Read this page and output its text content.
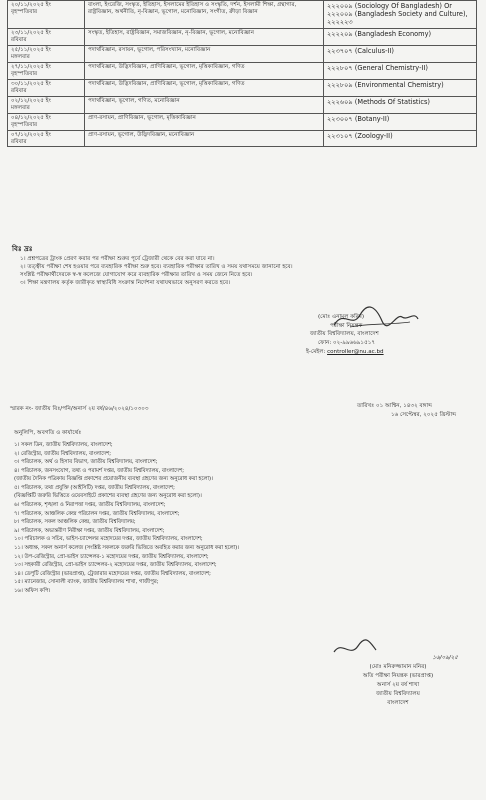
২০/১১/২০২৫ ইং
বৃহস্পতিবার	বাংলা, ইংরেজি, সংস্কৃত, ইতিহাস, ইসলামের ইতিহাস ও সংস্কৃতি, দর্শন, ইসলামী শিক্ষা, গ্রন্থাগার, রাষ্ট্রবিজ্ঞান, অর্থনীতি, নৃ-বিজ্ঞান, ভূগোল, মনোবিজ্ঞান, সংগীত, ক্রীড়া বিজ্ঞান	২২২০০৯ (Sociology Of Bangladesh) Or ২২২০০৯ (Bangladesh Society and Culture), ২২২২২৩

২৩/১১/২০২৫ ইং
রবিবার	সংস্কৃত, ইতিহাস, রাষ্ট্রবিজ্ঞান, সমাজবিজ্ঞান, নৃ-বিজ্ঞান, ভূগোল, মনোবিজ্ঞান	২২২২০৯ (Bangladesh Economy)

২৫/১১/২০২৫ ইং
মঙ্গলবার	পদার্থবিজ্ঞান, রসায়ন, ভূগোল, পরিসংখ্যান, মনোবিজ্ঞান	২২৩৭০৭ (Calculus-II)

২৭/১১/২০২৫ ইং
বৃহস্পতিবার	পদার্থবিজ্ঞান, উদ্ভিদবিজ্ঞান, প্রাণিবিজ্ঞান, ভূগোল, মৃত্তিকাবিজ্ঞান, গণিত	২২২৮০৭ (General Chemistry-II)

৩০/১১/২০২৫ ইং
রবিবার	পদার্থবিজ্ঞান, উদ্ভিদবিজ্ঞান, প্রাণিবিজ্ঞান, ভূগোল, মৃত্তিকাবিজ্ঞান, গণিত	২২২৮০৯ (Environmental Chemistry)

০২/১২/২০২৫ ইং
মঙ্গলবার	পদার্থবিজ্ঞান, ভূগোল, গণিত, মনোবিজ্ঞান	২২২৬০৯ (Methods Of Statistics)

০৪/১২/২০২৫ ইং
বৃহস্পতিবার	প্রাণ-রসায়ন, প্রাণিবিজ্ঞান, ভূগোল, মৃত্তিকাবিজ্ঞান	২২৩০০৭ (Botany-II)

০৭/১২/২০২৫ ইং
রবিবার	প্রাণ-রসায়ন, ভূগোল, উদ্ভিদবিজ্ঞান, মনোবিজ্ঞান	২২৩১০৭ (Zoology-II)
বিঃ দ্রঃ
১। প্রশ্নপত্রের ট্রাংক প্রেরণ করার পর পরীক্ষা শুরুর পূর্বে ট্রেজারী থেকে বের করা যাবে না।
২। তত্ত্বীয় পরীক্ষা শেষ হওয়ার পরে ব্যবহারিক পরীক্ষা শুরু হবে। ব্যবহারিক পরীক্ষার তারিখ ও সময় যথাসময়ে জানানো হবে।
সংশ্লিষ্ট পরীক্ষার্থীদেরকে স্ব-স্ব কলেজে যোগাযোগ করে ব্যবহারিক পরীক্ষার তারিখ ও সময় জেনে নিতে হবে।
৩। শিক্ষা মন্ত্রণালয় কর্তৃক জারীকৃত স্বাস্থ্যবিধি সংক্রান্ত নির্দেশনা যথাযথভাবে অনুসরণ করতে হবে।
(মোঃ এনামুল করিম)
পরীক্ষা নিয়ন্ত্রক
জাতীয় বিশ্ববিদ্যালয়, বাংলাদেশ
ফোন: ০২-৯৯৬৬৯১৫১৭
ই-মেইল: controller@nu.ac.bd
স্মারক নং- জাতীয় বিঃ/পনি/অনার্স ২য় বর্ষ/৪৬/২০২৪/১০৩০৩	তারিখঃ ০১ আশ্বিন, ১৪৩২ বঙ্গাব্দ
১৬ সেপ্টেম্বর, ২০২৫ খ্রিস্টাব্দ
অনুলিপি, অবগতি ও কার্যার্থেঃ
১। সকল ডিন, জাতীয় বিশ্ববিদ্যালয়, বাংলাদেশ;
২। রেজিস্ট্রার, জাতীয় বিশ্ববিদ্যালয়, বাংলাদেশ;
৩। পরিচালক, অর্থ ও হিসাব বিভাগ, জাতীয় বিশ্ববিদ্যালয়, বাংলাদেশ;
৪। পরিচালক, জনসংযোগ, তথ্য ও পরামর্শ দপ্তর, জাতীয় বিশ্ববিদ্যালয়, বাংলাদেশ;
(জাতীয় দৈনিক পত্রিকায় বিজ্ঞপ্তি প্রকাশের প্রয়োজনীয় ব্যবস্থা গ্রহণের জন্য অনুরোধ করা হলো)।
৫। পরিচালক, তথ্য প্রযুক্তি (আইসিটি) দপ্তর, জাতীয় বিশ্ববিদ্যালয়, বাংলাদেশ;
(বিজ্ঞপ্তিটি জরুরি ভিত্তিতে ওয়েবসাইটে প্রকাশের ব্যবস্থা গ্রহণের জন্য অনুরোধ করা হলো)।
৬। পরিচালক, শৃঙ্খলা ও নিরাপত্তা দপ্তর, জাতীয় বিশ্ববিদ্যালয়, বাংলাদেশ;
৭। পরিচালক, আঞ্চলিক কেন্দ্র পরিচালন দপ্তর, জাতীয় বিশ্ববিদ্যালয়, বাংলাদেশ;
৮। পরিচালক, সকল আঞ্চলিক কেন্দ্র, জাতীয় বিশ্ববিদ্যালয়;
৯। পরিচালক, অভ্যন্তরীণ নিরীক্ষা দপ্তর, জাতীয় বিশ্ববিদ্যালয়, বাংলাদেশ;
১০। পরিচালক ও সচিব, ভাইস-চ্যান্সেলর মহোদয়ের দপ্তর, জাতীয় বিশ্ববিদ্যালয়, বাংলাদেশ;
১১। অধ্যক্ষ, সকল অনার্স কলেজ (সংশ্লিষ্ট সকলকে জরুরি ভিত্তিতে অবহিত করার জন্য অনুরোধ করা হলো)।
১২। উপ-রেজিস্ট্রার, প্রো-ভাইস চ্যান্সেলর-১ মহোদয়ের দপ্তর, জাতীয় বিশ্ববিদ্যালয়, বাংলাদেশ;
১৩। সহকারী রেজিস্ট্রার, প্রো-ভাইস চ্যান্সেলর-২ মহোদয়ের দপ্তর, জাতীয় বিশ্ববিদ্যালয়, বাংলাদেশ;
১৪। ডেপুটি রেজিস্ট্রার (ভারপ্রাপ্ত), ট্রেজারার মহোদয়ের দপ্তর, জাতীয় বিশ্ববিদ্যালয়, বাংলাদেশ;
১৫। ম্যানেজার, সোনালী ব্যাংক, জাতীয় বিশ্ববিদ্যালয় শাখা, গাজীপুর;
১৬। অফিস কপি।
১৬/০৯/২৫
(মোঃ মনিরুজ্জামান মনির)
অতি পরীক্ষা নিয়ন্ত্রক (ভারপ্রাপ্ত)
অনার্স ২য় বর্ষ শাখা
জাতীয় বিশ্ববিদ্যালয়
বাংলাদেশ
